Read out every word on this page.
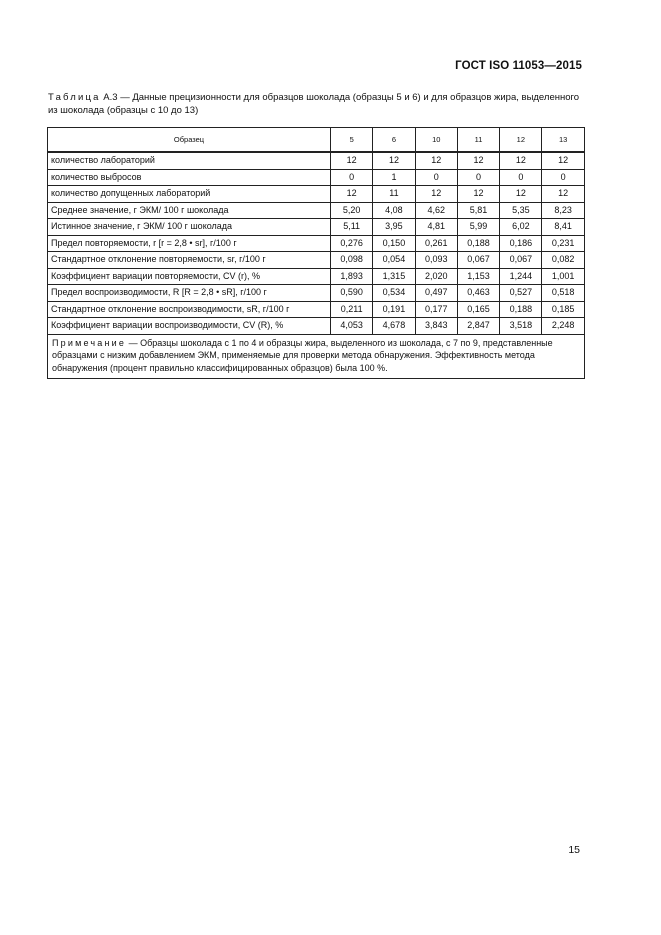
ГОСТ ISO 11053—2015
Таблица А.3 — Данные прецизионности для образцов шоколада (образцы 5 и 6) и для образцов жира, выделенного из шоколада (образцы с 10 до 13)
Образец	5	6	10	11	12	13
количество лабораторий	12	12	12	12	12	12
количество выбросов	0	1	0	0	0	0
количество допущенных лабораторий	12	11	12	12	12	12
Среднее значение, г ЭКМ/ 100 г шоколада	5,20	4,08	4,62	5,81	5,35	8,23
Истинное значение, г ЭКМ/ 100 г шоколада	5,11	3,95	4,81	5,99	6,02	8,41
Предел повторяемости, r [r = 2,8 • sr], г/100 г	0,276	0,150	0,261	0,188	0,186	0,231
Стандартное отклонение повторяемости, sr, г/100 г	0,098	0,054	0,093	0,067	0,067	0,082
Коэффициент вариации повторяемости, CV (r), %	1,893	1,315	2,020	1,153	1,244	1,001
Предел воспроизводимости, R [R = 2,8 • sR], г/100 г	0,590	0,534	0,497	0,463	0,527	0,518
Стандартное отклонение воспроизводимости, sR, г/100 г	0,211	0,191	0,177	0,165	0,188	0,185
Коэффициент вариации воспроизводимости, CV (R), %	4,053	4,678	3,843	2,847	3,518	2,248
Примечание — Образцы шоколада с 1 по 4 и образцы жира, выделенного из шоколада, с 7 по 9, представленные образцами с низким добавлением ЭКМ, применяемые для проверки метода обнаружения. Эффективность метода обнаружения (процент правильно классифицированных образцов) была 100 %.						
15
